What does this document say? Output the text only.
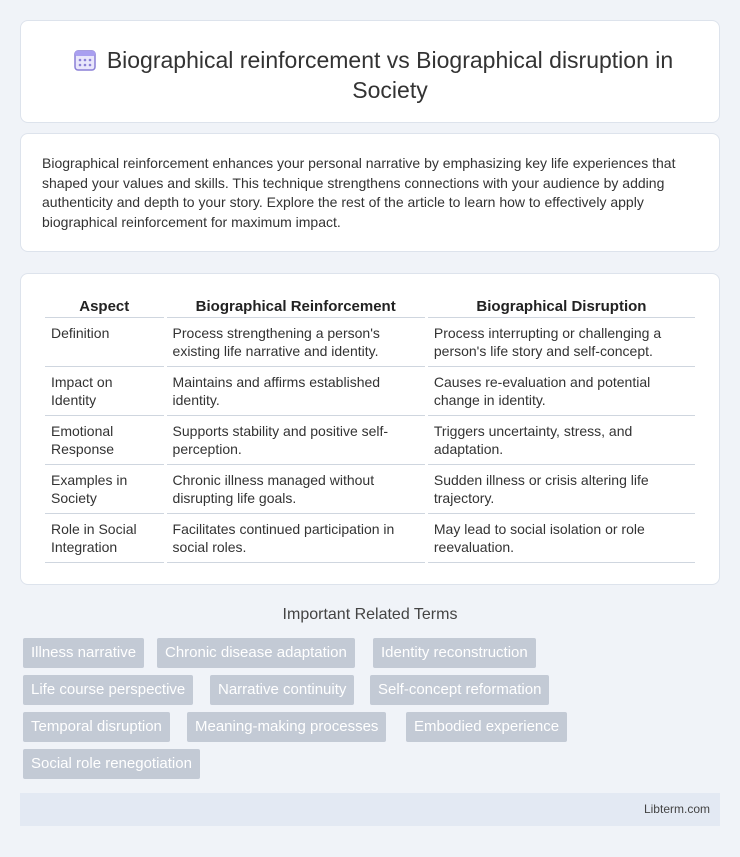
Biographical reinforcement vs Biographical disruption in Society

Biographical reinforcement enhances your personal narrative by emphasizing key life experiences that shaped your values and skills. This technique strengthens connections with your audience by adding authenticity and depth to your story. Explore the rest of the article to learn how to effectively apply biographical reinforcement for maximum impact.

Aspect	Biographical Reinforcement	Biographical Disruption
Definition	Process strengthening a person's existing life narrative and identity.	Process interrupting or challenging a person's life story and self-concept.
Impact on Identity	Maintains and affirms established identity.	Causes re-evaluation and potential change in identity.
Emotional Response	Supports stability and positive self-perception.	Triggers uncertainty, stress, and adaptation.
Examples in Society	Chronic illness managed without disrupting life goals.	Sudden illness or crisis altering life trajectory.
Role in Social Integration	Facilitates continued participation in social roles.	May lead to social isolation or role reevaluation.
Important Related Terms
Illness narrative	Chronic disease adaptation	Identity reconstruction
Life course perspective	Narrative continuity	Self-concept reformation
Temporal disruption	Meaning-making processes	Embodied experience
Social role renegotiation
Libterm.com
